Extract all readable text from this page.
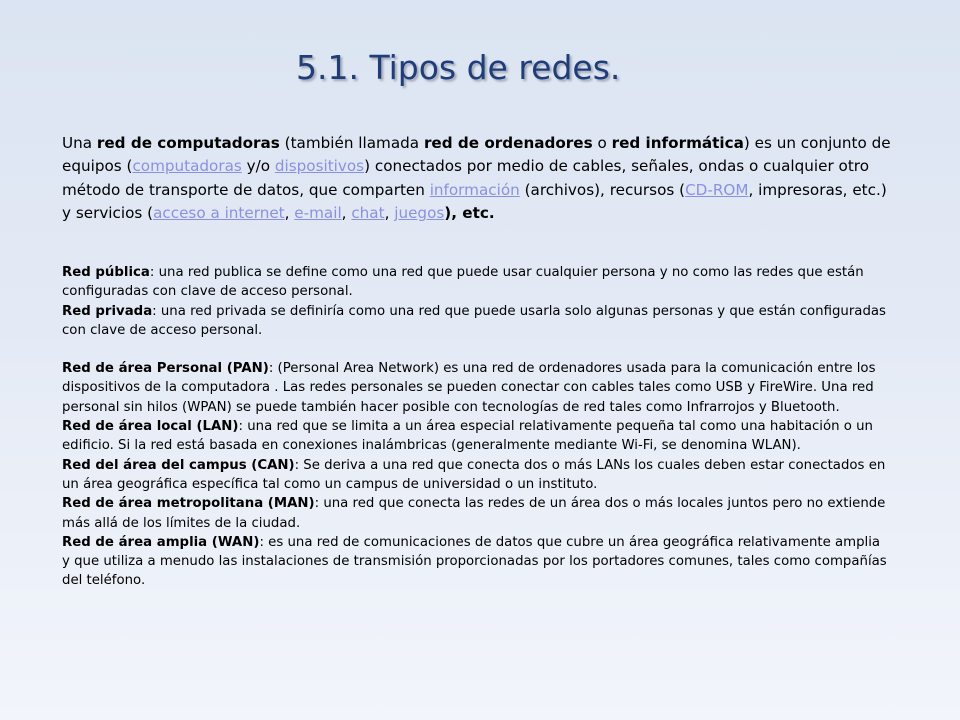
5.1. Tipos de redes.
Una red de computadoras (también llamada red de ordenadores o red informática) es un conjunto de equipos (computadoras y/o dispositivos) conectados por medio de cables, señales, ondas o cualquier otro método de transporte de datos, que comparten información (archivos), recursos (CD-ROM, impresoras, etc.) y servicios (acceso a internet, e-mail, chat, juegos), etc.

Red pública: una red publica se define como una red que puede usar cualquier persona y no como las redes que están configuradas con clave de acceso personal.

Red privada: una red privada se definiría como una red que puede usarla solo algunas personas y que están configuradas con clave de acceso personal.

Red de área Personal (PAN): (Personal Area Network) es una red de ordenadores usada para la comunicación entre los dispositivos de la computadora . Las redes personales se pueden conectar con cables tales como USB y FireWire. Una red personal sin hilos (WPAN) se puede también hacer posible con tecnologías de red tales como Infrarrojos y Bluetooth.

Red de área local (LAN): una red que se limita a un área especial relativamente pequeña tal como una habitación o un edificio. Si la red está basada en conexiones inalámbricas (generalmente mediante Wi-Fi, se denomina WLAN).

Red del área del campus (CAN): Se deriva a una red que conecta dos o más LANs los cuales deben estar conectados en un área geográfica específica tal como un campus de universidad o un instituto.

Red de área metropolitana (MAN): una red que conecta las redes de un área dos o más locales juntos pero no extiende más allá de los límites de la ciudad.

Red de área amplia (WAN): es una red de comunicaciones de datos que cubre un área geográfica relativamente amplia y que utiliza a menudo las instalaciones de transmisión proporcionadas por los portadores comunes, tales como compañías del teléfono.
